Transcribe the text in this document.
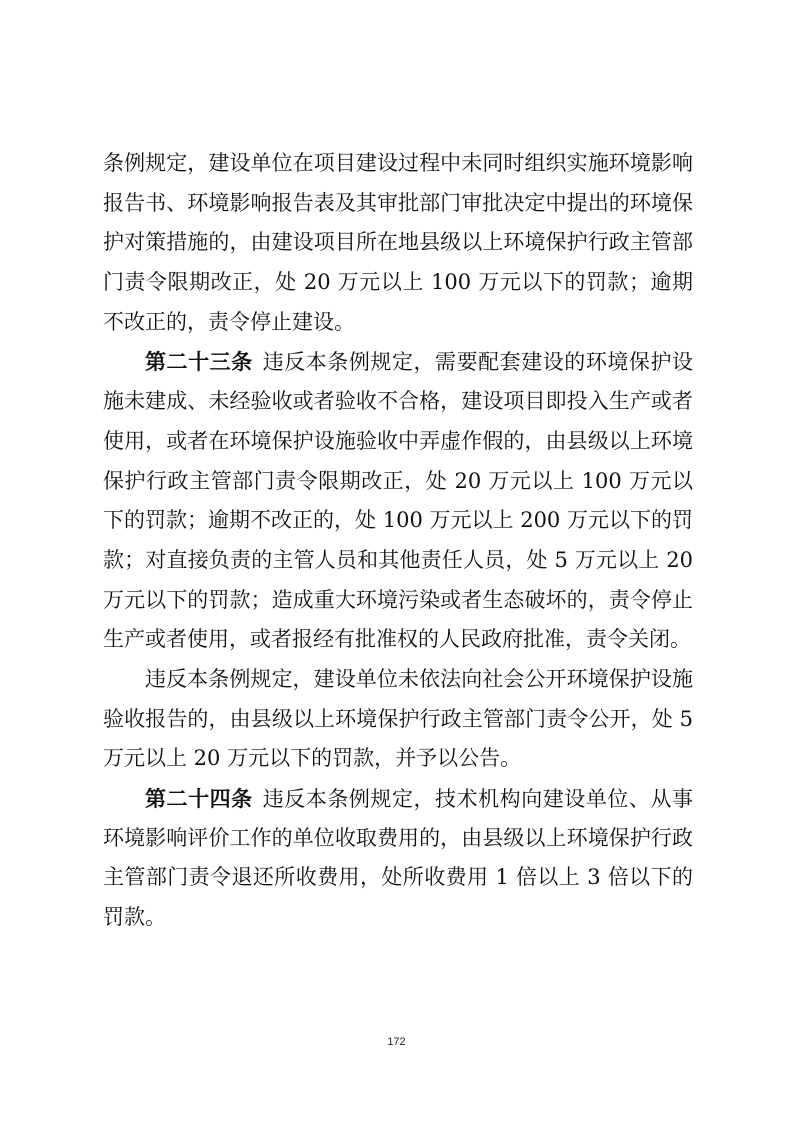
条例规定，建设单位在项目建设过程中未同时组织实施环境影响
报告书、环境影响报告表及其审批部门审批决定中提出的环境保
护对策措施的，由建设项目所在地县级以上环境保护行政主管部
门责令限期改正，处 20 万元以上 100 万元以下的罚款；逾期
不改正的，责令停止建设。
第二十三条 违反本条例规定，需要配套建设的环境保护设
施未建成、未经验收或者验收不合格，建设项目即投入生产或者
使用，或者在环境保护设施验收中弄虚作假的，由县级以上环境
保护行政主管部门责令限期改正，处 20 万元以上 100 万元以
下的罚款；逾期不改正的，处 100 万元以上 200 万元以下的罚
款；对直接负责的主管人员和其他责任人员，处 5 万元以上 20
万元以下的罚款；造成重大环境污染或者生态破坏的，责令停止
生产或者使用，或者报经有批准权的人民政府批准，责令关闭。
违反本条例规定，建设单位未依法向社会公开环境保护设施
验收报告的，由县级以上环境保护行政主管部门责令公开，处 5
万元以上 20 万元以下的罚款，并予以公告。
第二十四条 违反本条例规定，技术机构向建设单位、从事
环境影响评价工作的单位收取费用的，由县级以上环境保护行政
主管部门责令退还所收费用，处所收费用 1 倍以上 3 倍以下的
罚款。
172
